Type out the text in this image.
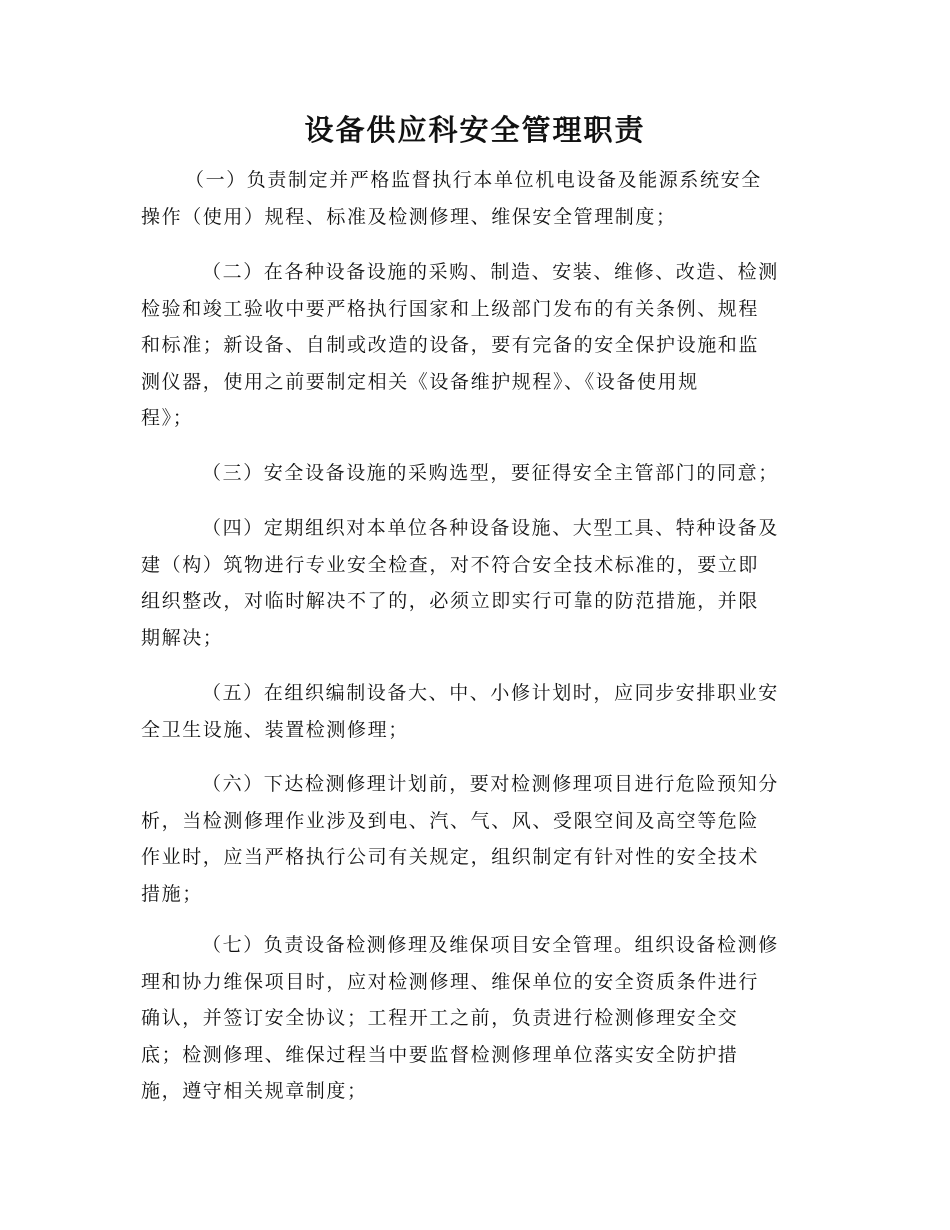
设备供应科安全管理职责

（一）负责制定并严格监督执行本单位机电设备及能源系统安全
操作（使用）规程、标准及检测修理、维保安全管理制度；

（二）在各种设备设施的采购、制造、安装、维修、改造、检测
检验和竣工验收中要严格执行国家和上级部门发布的有关条例、规程
和标准；新设备、自制或改造的设备，要有完备的安全保护设施和监
测仪器，使用之前要制定相关《设备维护规程》、《设备使用规
程》；

（三）安全设备设施的采购选型，要征得安全主管部门的同意；

（四）定期组织对本单位各种设备设施、大型工具、特种设备及
建（构）筑物进行专业安全检查，对不符合安全技术标准的，要立即
组织整改，对临时解决不了的，必须立即实行可靠的防范措施，并限
期解决；

（五）在组织编制设备大、中、小修计划时，应同步安排职业安
全卫生设施、装置检测修理；

（六）下达检测修理计划前，要对检测修理项目进行危险预知分
析，当检测修理作业涉及到电、汽、气、风、受限空间及高空等危险
作业时，应当严格执行公司有关规定，组织制定有针对性的安全技术
措施；

（七）负责设备检测修理及维保项目安全管理。组织设备检测修
理和协力维保项目时，应对检测修理、维保单位的安全资质条件进行
确认，并签订安全协议；工程开工之前，负责进行检测修理安全交
底；检测修理、维保过程当中要监督检测修理单位落实安全防护措
施，遵守相关规章制度；
